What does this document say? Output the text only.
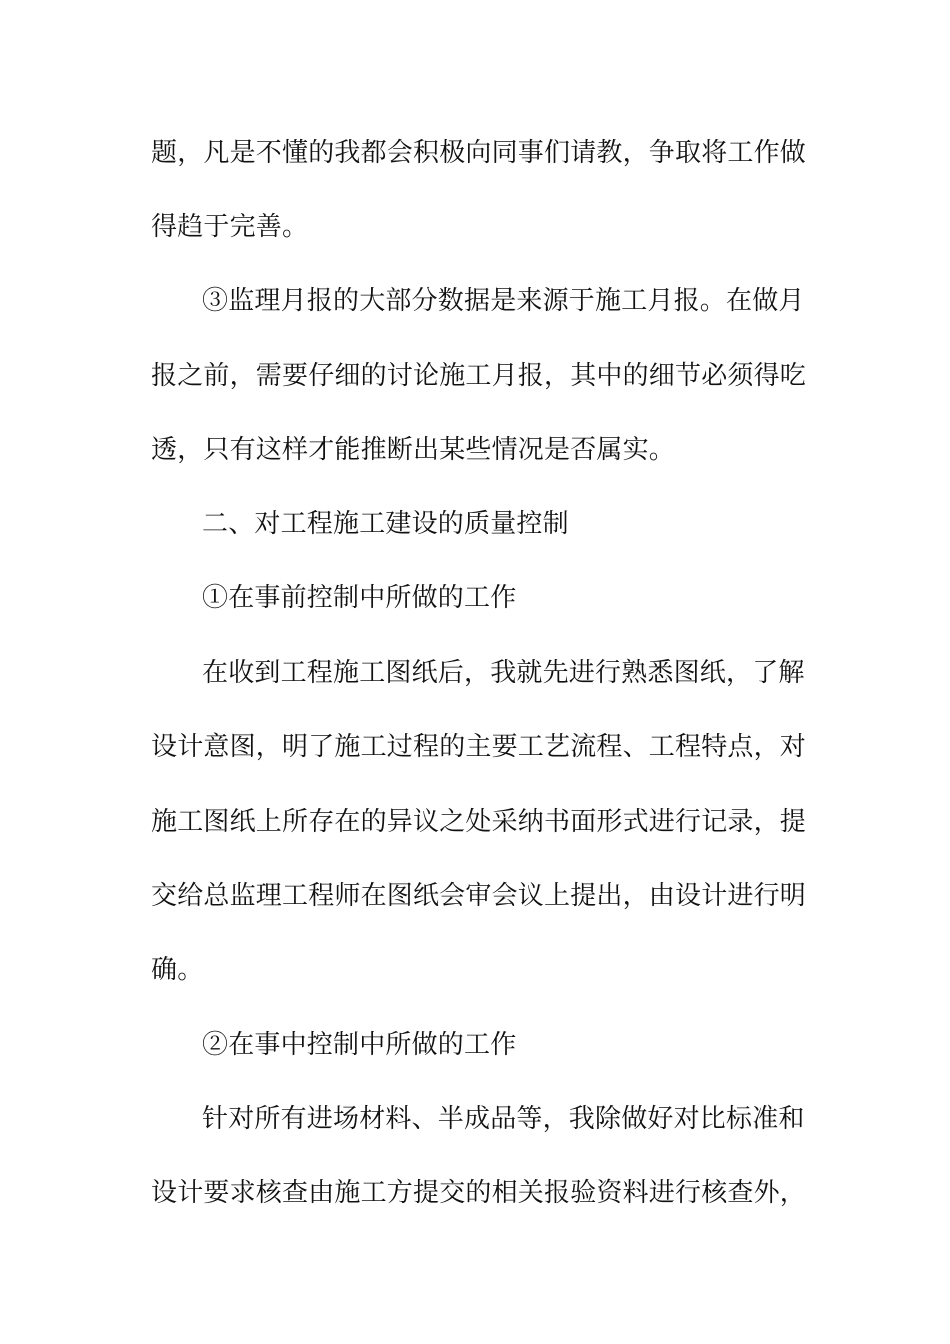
题，凡是不懂的我都会积极向同事们请教，争取将工作做
得趋于完善。
③监理月报的大部分数据是来源于施工月报。在做月
报之前，需要仔细的讨论施工月报，其中的细节必须得吃
透，只有这样才能推断出某些情况是否属实。
二、对工程施工建设的质量控制
①在事前控制中所做的工作
在收到工程施工图纸后，我就先进行熟悉图纸，了解
设计意图，明了施工过程的主要工艺流程、工程特点，对
施工图纸上所存在的异议之处采纳书面形式进行记录，提
交给总监理工程师在图纸会审会议上提出，由设计进行明
确。
②在事中控制中所做的工作
针对所有进场材料、半成品等，我除做好对比标准和
设计要求核查由施工方提交的相关报验资料进行核查外，
